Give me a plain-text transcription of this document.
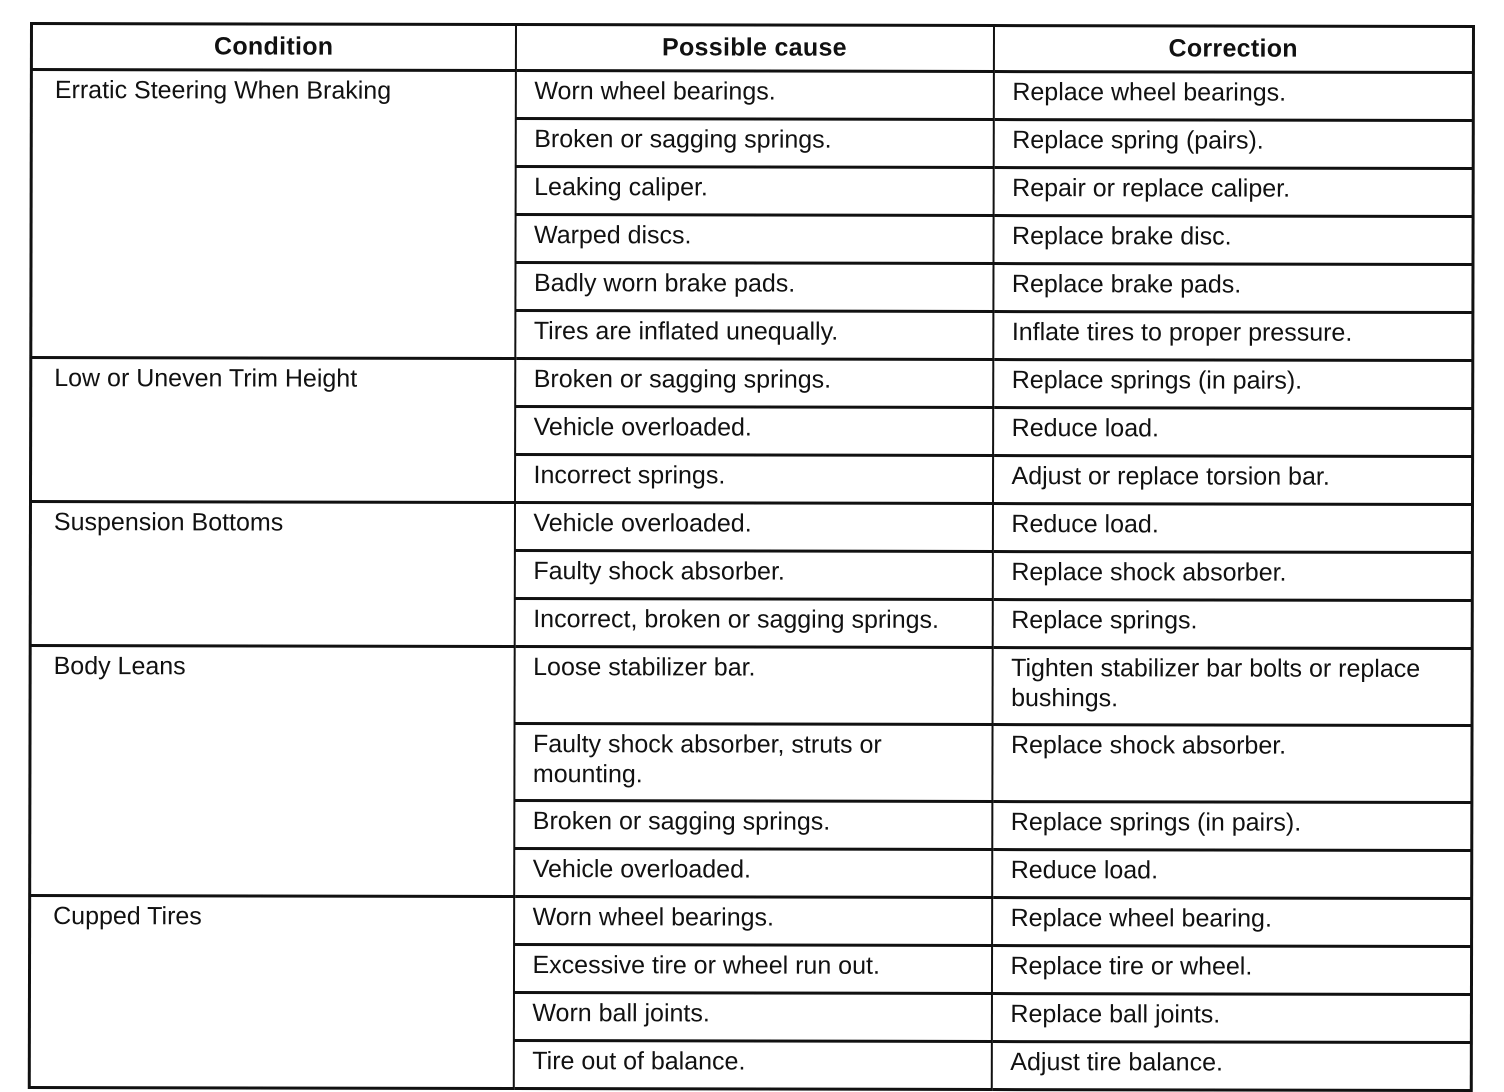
Condition	Possible cause	Correction
Erratic Steering When Braking	Worn wheel bearings.	Replace wheel bearings.
	Broken or sagging springs.	Replace spring (pairs).
	Leaking caliper.	Repair or replace caliper.
	Warped discs.	Replace brake disc.
	Badly worn brake pads.	Replace brake pads.
	Tires are inflated unequally.	Inflate tires to proper pressure.
Low or Uneven Trim Height	Broken or sagging springs.	Replace springs (in pairs).
	Vehicle overloaded.	Reduce load.
	Incorrect springs.	Adjust or replace torsion bar.
Suspension Bottoms	Vehicle overloaded.	Reduce load.
	Faulty shock absorber.	Replace shock absorber.
	Incorrect, broken or sagging springs.	Replace springs.
Body Leans	Loose stabilizer bar.	Tighten stabilizer bar bolts or replace bushings.
	Faulty shock absorber, struts or mounting.	Replace shock absorber.
	Broken or sagging springs.	Replace springs (in pairs).
	Vehicle overloaded.	Reduce load.
Cupped Tires	Worn wheel bearings.	Replace wheel bearing.
	Excessive tire or wheel run out.	Replace tire or wheel.
	Worn ball joints.	Replace ball joints.
	Tire out of balance.	Adjust tire balance.
